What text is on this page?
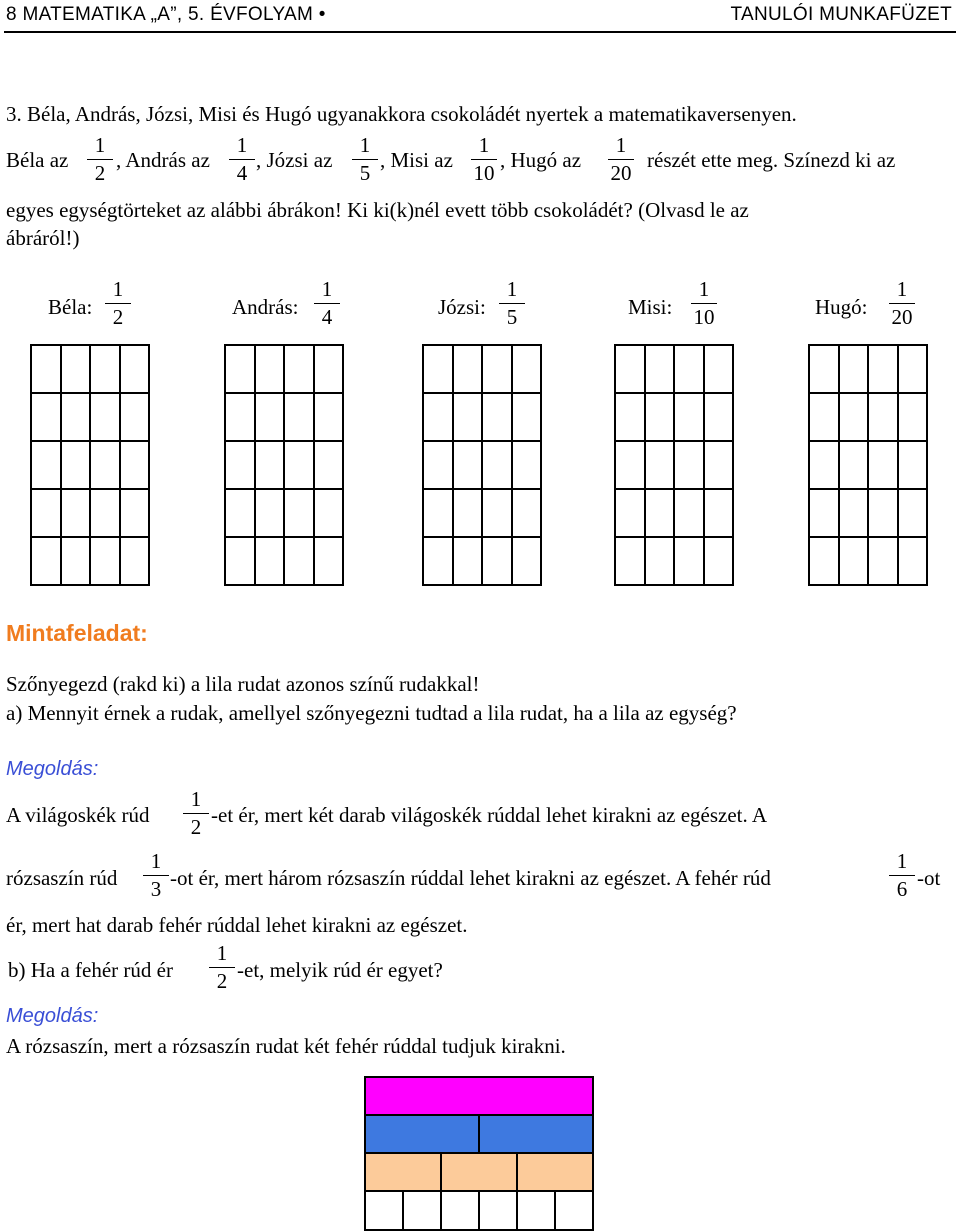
8 MATEMATIKA „A”, 5. ÉVFOLYAM •	TANULÓI MUNKAFÜZET
3. Béla, András, Józsi, Misi és Hugó ugyanakkora csokoládét nyertek a matematikaversenyen.
Béla az
1
2
, András az
1
4
, Józsi az
1
5
, Misi az
1
10
, Hugó az
1
20
részét ette meg. Színezd ki az
egyes egységtörteket az alábbi ábrákon! Ki ki(k)nél evett több csokoládét? (Olvasd le az
ábráról!)
Béla:
1
2	András:
1
4	Józsi:
1
5	Misi:
1
10	Hugó:
1
20
Mintafeladat:
Szőnyegezd (rakd ki) a lila rudat azonos színű rudakkal!
a) Mennyit érnek a rudak, amellyel szőnyegezni tudtad a lila rudat, ha a lila az egység?
Megoldás:
A világoskék rúd
1
2 -et ér, mert két darab világoskék rúddal lehet kirakni az egészet. A
rózsaszín rúd
1
3 -ot ér, mert három rózsaszín rúddal lehet kirakni az egészet. A fehér rúd
1
6 -ot
ér, mert hat darab fehér rúddal lehet kirakni az egészet.
b) Ha a fehér rúd ér
1
2 -et, melyik rúd ér egyet?
Megoldás:
A rózsaszín, mert a rózsaszín rudat két fehér rúddal tudjuk kirakni.
